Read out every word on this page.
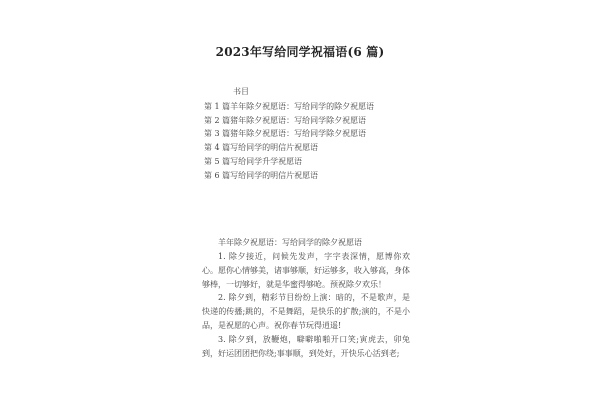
2023年写给同学祝福语(6 篇)
书目
第 1 篇羊年除夕祝愿语：写给同学的除夕祝愿语
第 2 篇猪年除夕祝愿语：写给同学除夕祝愿语
第 3 篇猪年除夕祝愿语：写给同学除夕祝愿语
第 4 篇写给同学的明信片祝愿语
第 5 篇写给同学升学祝愿语
第 6 篇写给同学的明信片祝愿语
羊年除夕祝愿语：写给同学的除夕祝愿语

1. 除夕接近，问候先发声，字字表深情，愿博你欢心。愿你心情够美，诸事够顺，好运够多，收入够高，身体够棒，一切够好，就是华蜜得够呛。预祝除夕欢乐！

2. 除夕到，精彩节目纷纷上演：暗的，不是歌声，是快递的传播;跳的，不是舞蹈，是快乐的扩散;演的，不是小品，是祝愿的心声。祝你春节玩得逍遥!

3. 除夕到，放鞭炮，噼噼啪啪开口笑;寅虎去，卯兔到，好运团团把你绕;事事顺，到处好，开快乐心活到老;
